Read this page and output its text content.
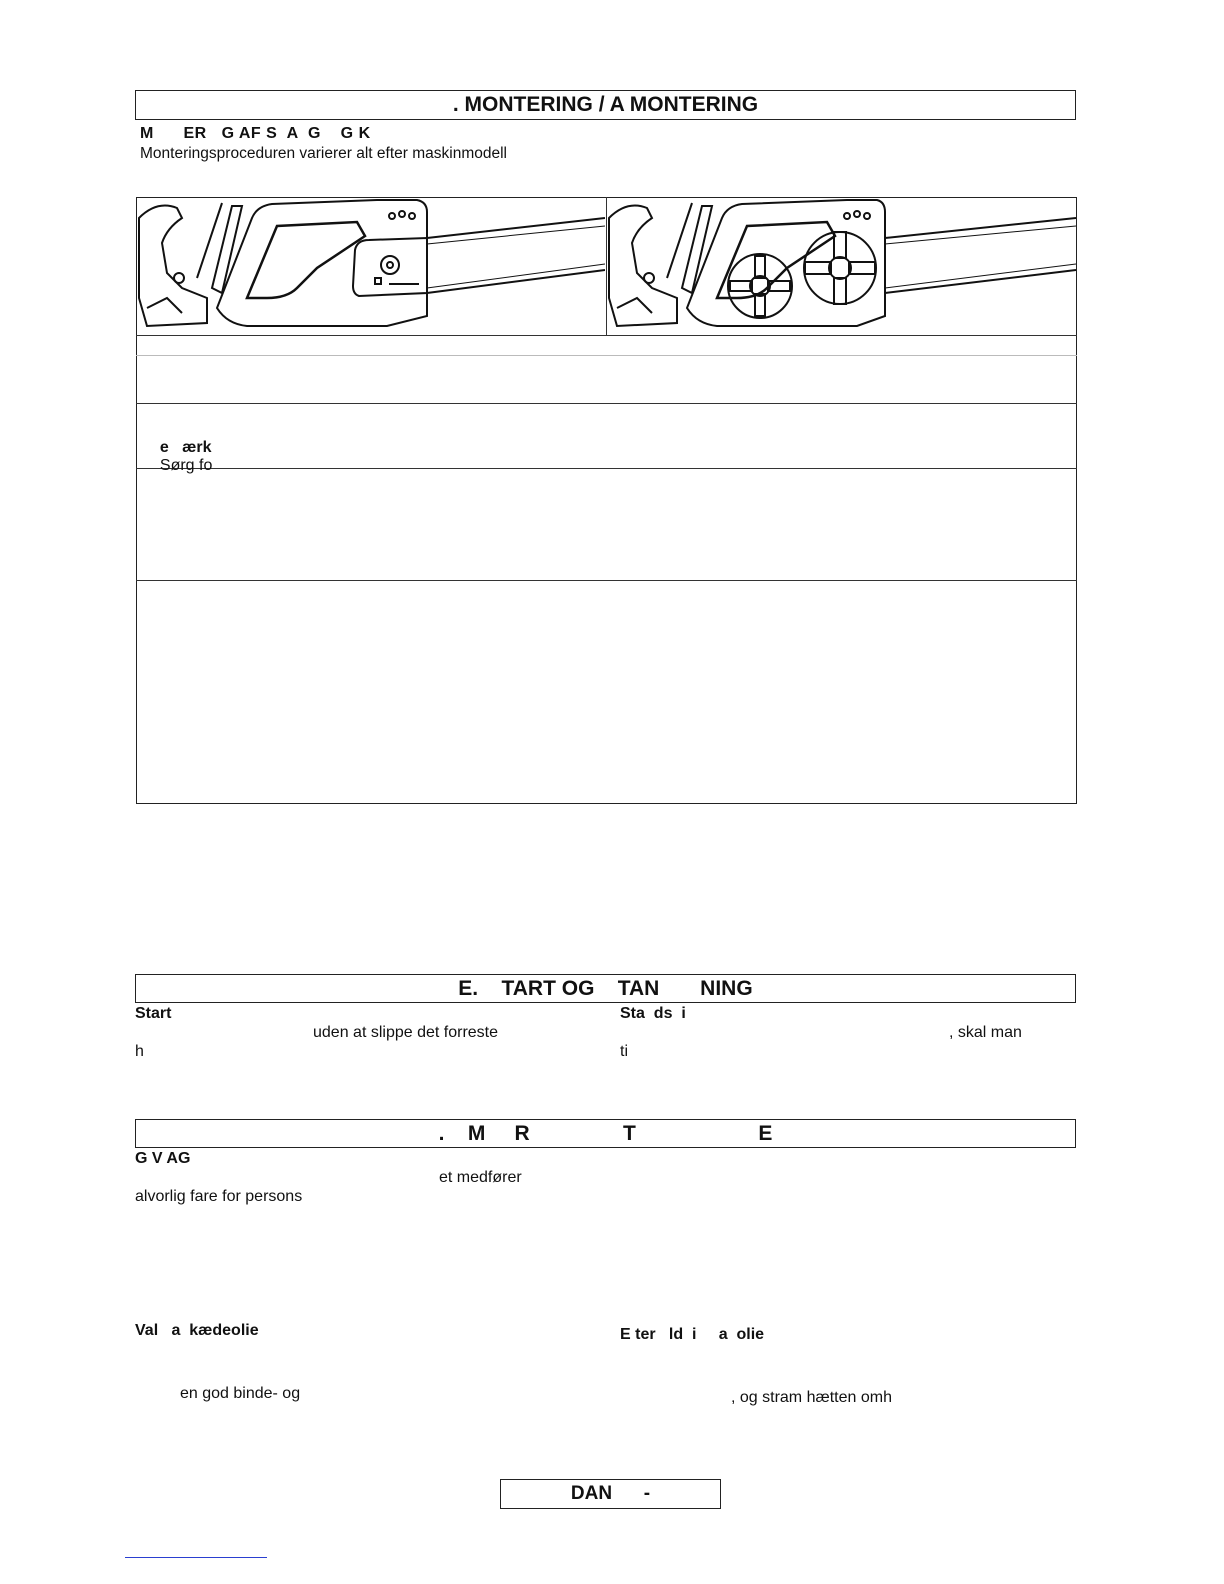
. MONTERING / A MONTERING
M      ER   G AF S  A  G    G K
Monteringsproceduren varierer alt efter maskinmodell

e   ærk
Sørg fo

E.    TART OG    TAN       NING
Start
uden at slippe det forreste
h
Sta  ds  i
, skal man
ti
.    M     R                T                     E
G V AG
et medfører
alvorlig fare for persons
Val   a  kædeolie
en god binde- og
E ter   ld  i     a  olie
, og stram hætten omh
DAN      -
